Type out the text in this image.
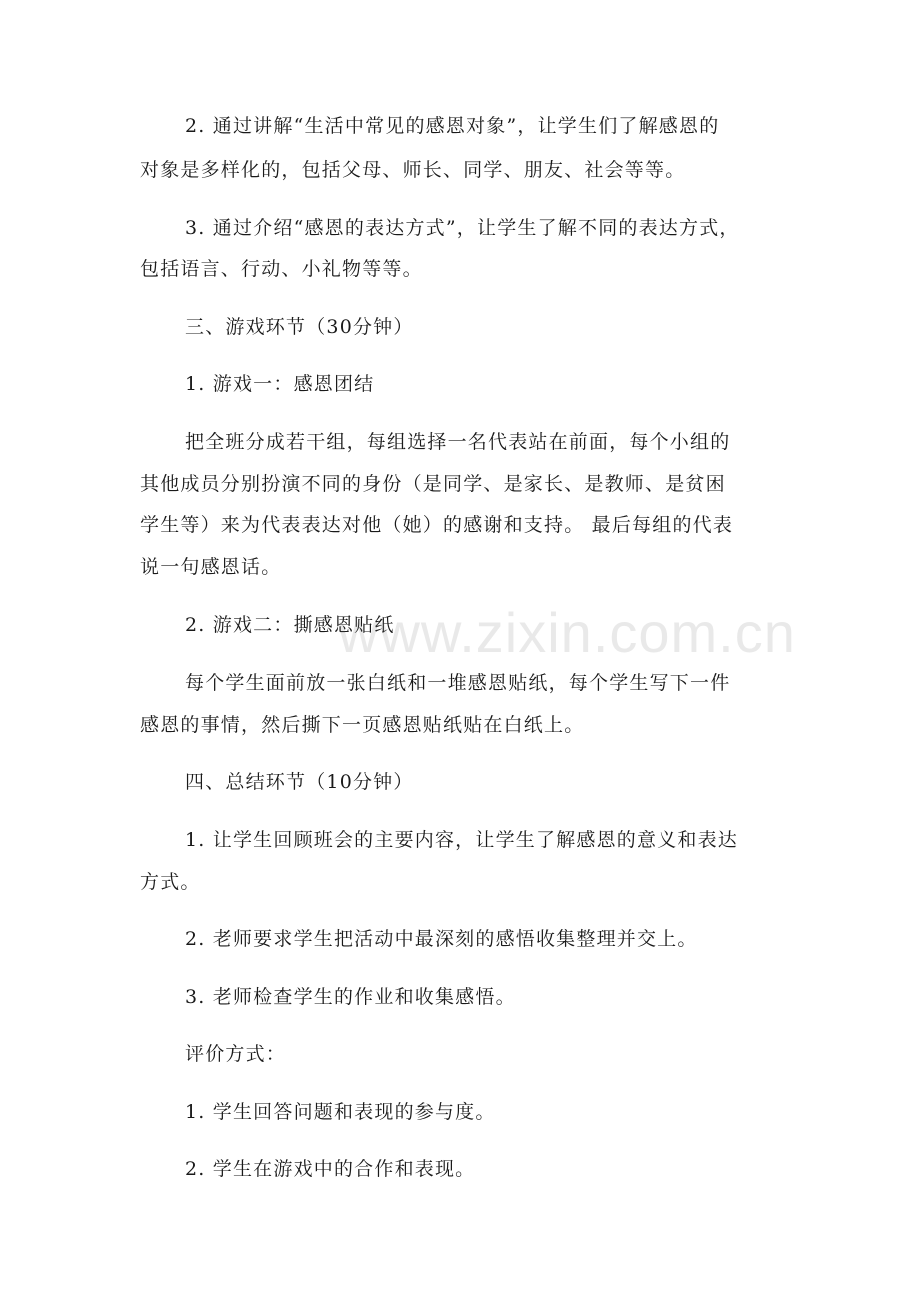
2. 通过讲解“生活中常见的感恩对象”，让学生们了解感恩的
对象是多样化的，包括父母、师长、同学、朋友、社会等等。
3. 通过介绍“感恩的表达方式”，让学生了解不同的表达方式，
包括语言、行动、小礼物等等。
三、游戏环节（30分钟）
1. 游戏一：感恩团结
把全班分成若干组，每组选择一名代表站在前面，每个小组的
其他成员分别扮演不同的身份（是同学、是家长、是教师、是贫困
学生等）来为代表表达对他（她）的感谢和支持。 最后每组的代表
说一句感恩话。
2. 游戏二：撕感恩贴纸
每个学生面前放一张白纸和一堆感恩贴纸，每个学生写下一件
感恩的事情，然后撕下一页感恩贴纸贴在白纸上。
四、总结环节（10分钟）
1. 让学生回顾班会的主要内容，让学生了解感恩的意义和表达
方式。
2. 老师要求学生把活动中最深刻的感悟收集整理并交上。
3. 老师检查学生的作业和收集感悟。
评价方式：
1. 学生回答问题和表现的参与度。
2. 学生在游戏中的合作和表现。
www.zixin.com.cn
